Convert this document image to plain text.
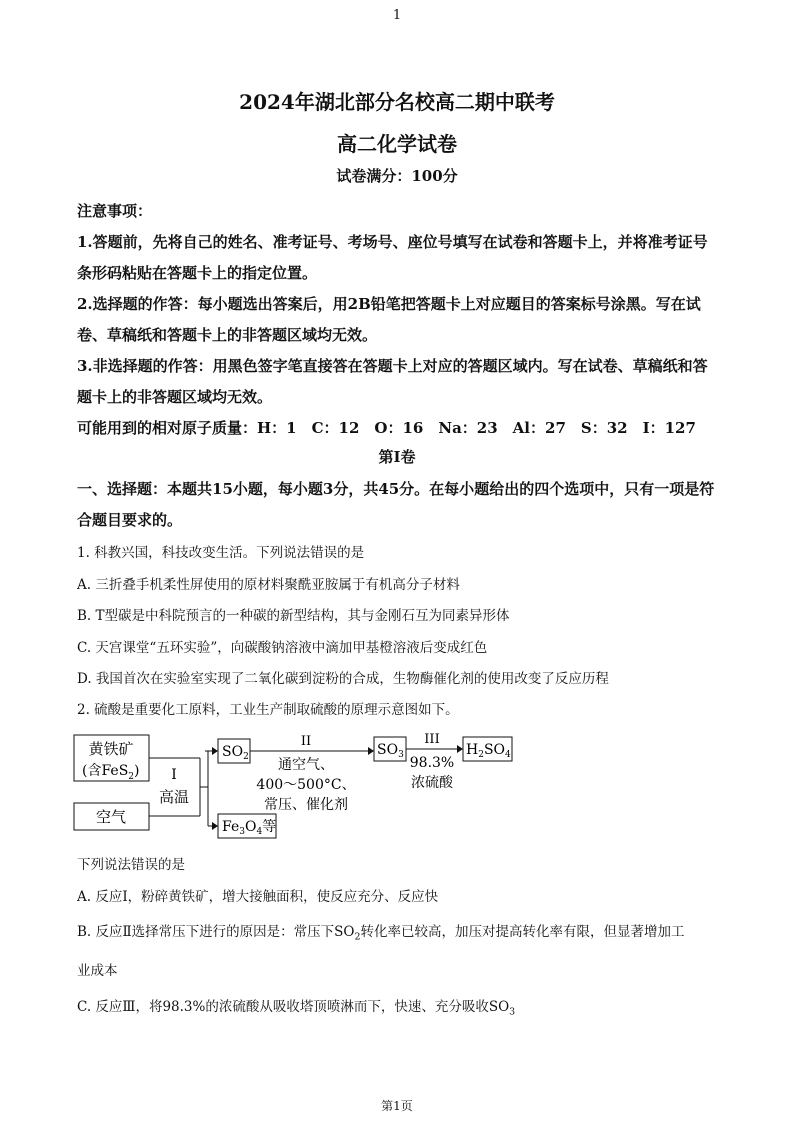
1
2024年湖北部分名校高二期中联考
高二化学试卷
试卷满分：100分
注意事项：
1.答题前，先将自己的姓名、准考证号、考场号、座位号填写在试卷和答题卡上，并将准考证号条形码粘贴在答题卡上的指定位置。
2.选择题的作答：每小题选出答案后，用2B铅笔把答题卡上对应题目的答案标号涂黑。写在试卷、草稿纸和答题卡上的非答题区域均无效。
3.非选择题的作答：用黑色签字笔直接答在答题卡上对应的答题区域内。写在试卷、草稿纸和答题卡上的非答题区域均无效。
可能用到的相对原子质量：H：1　C：12　O：16　Na：23　Al：27　S：32　I：127
第Ⅰ卷
一、选择题：本题共15小题，每小题3分，共45分。在每小题给出的四个选项中，只有一项是符合题目要求的。
1. 科教兴国，科技改变生活。下列说法错误的是
A. 三折叠手机柔性屏使用的原材料聚酰亚胺属于有机高分子材料
B. T型碳是中科院预言的一种碳的新型结构，其与金刚石互为同素异形体
C. 天宫课堂“五环实验”，向碳酸钠溶液中滴加甲基橙溶液后变成红色
D. 我国首次在实验室实现了二氧化碳到淀粉的合成，生物酶催化剂的使用改变了反应历程
2. 硫酸是重要化工原料，工业生产制取硫酸的原理示意图如下。
黄铁矿
(含FeS$_2$)
空气
I
高温
$SO_2$
$Fe_3O_4$等
II
通空气、
400～500°C、
常压、催化剂
$SO_3$
III
98.3%
浓硫酸
$H_2SO_4$
下列说法错误的是
A. 反应Ⅰ，粉碎黄铁矿，增大接触面积，使反应充分、反应快
B. 反应Ⅱ选择常压下进行的原因是：常压下$SO_2$转化率已较高，加压对提高转化率有限，但显著增加工
业成本
C. 反应Ⅲ，将98.3%的浓硫酸从吸收塔顶喷淋而下，快速、充分吸收$SO_3$
第1页
